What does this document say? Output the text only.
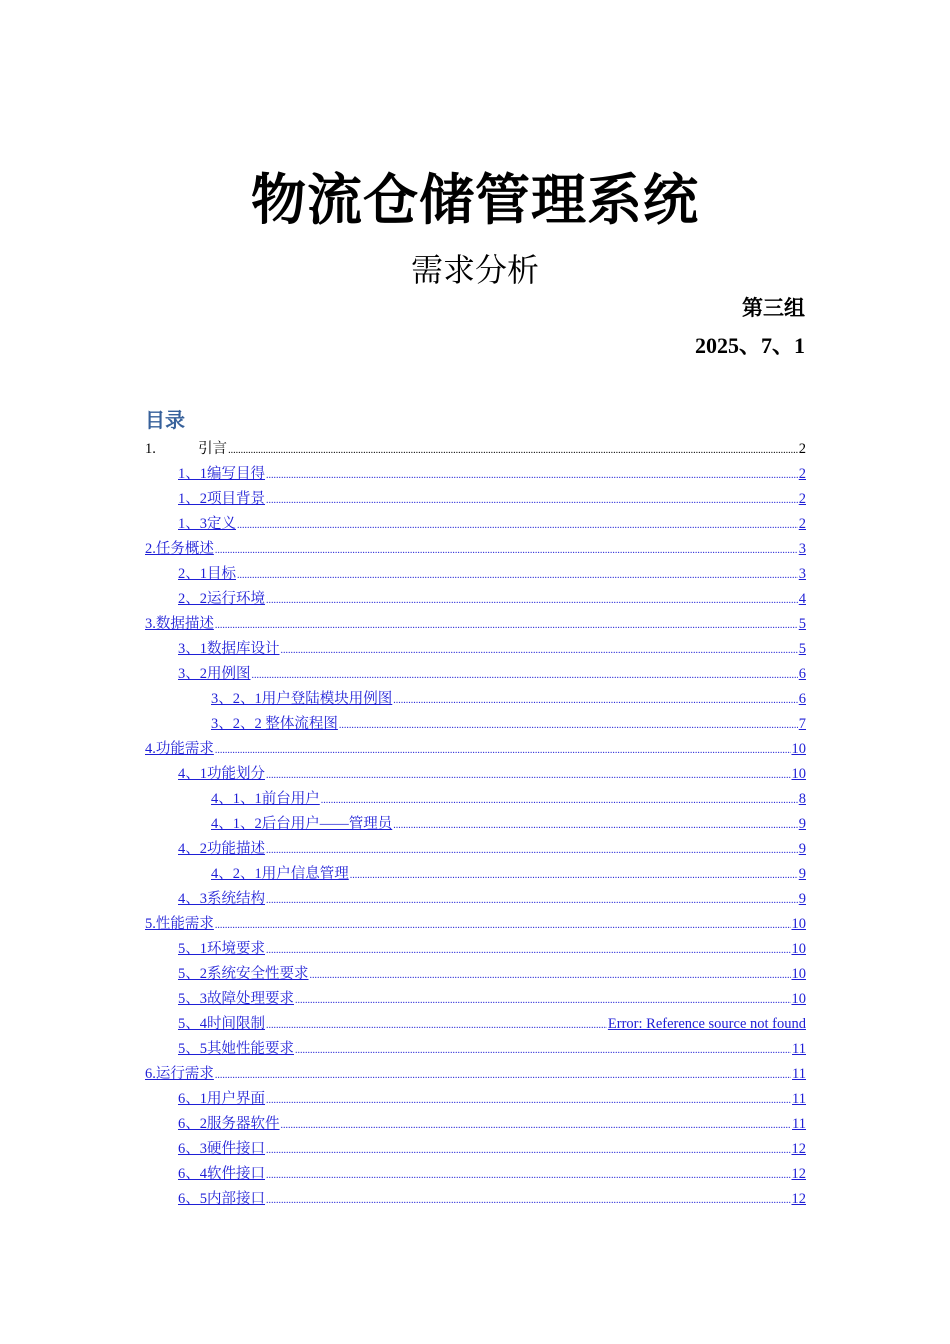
物流仓储管理系统
需求分析
第三组
2025、7、1
目录
1.	引言 .....	2
1、1编写目得 .....	2
1、2项目背景 .....	2
1、3定义 .....	2
2.任务概述 .....	3
2、1目标 .....	3
2、2运行环境 .....	4
3.数据描述 .....	5
3、1数据库设计 .....	5
3、2用例图 .....	6
3、2、1用户登陆模块用例图 .....	6
3、2、2 整体流程图 .....	7
4.功能需求 .....	10
4、1功能划分 .....	10
4、1、1前台用户 .....	8
4、1、2后台用户——管理员 .....	9
4、2功能描述 .....	9
4、2、1用户信息管理 .....	9
4、3系统结构 .....	9
5.性能需求 .....	10
5、1环境要求 .....	10
5、2系统安全性要求 .....	10
5、3故障处理要求 .....	10
5、4时间限制 .....	Error: Reference source not found
5、5其她性能要求 .....	11
6.运行需求 .....	11
6、1用户界面 .....	11
6、2服务器软件 .....	11
6、3硬件接口 .....	12
6、4软件接口 .....	12
6、5内部接口 .....	12
